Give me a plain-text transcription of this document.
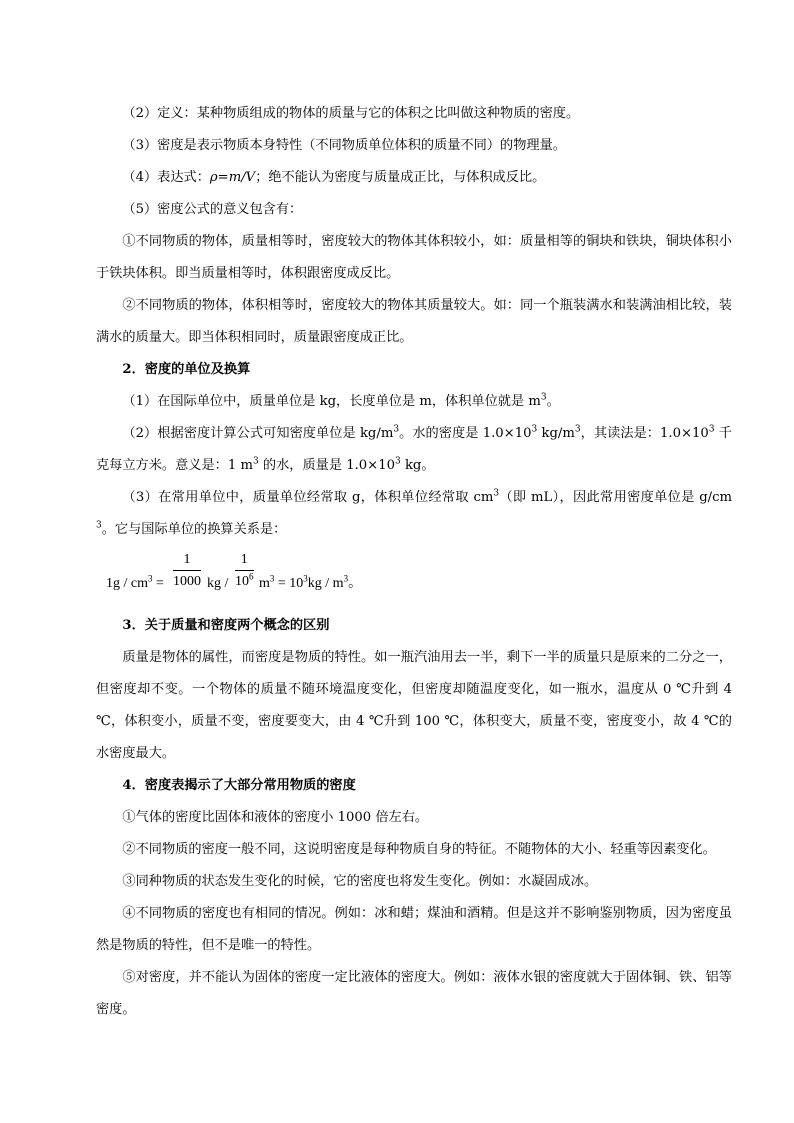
（2）定义：某种物质组成的物体的质量与它的体积之比叫做这种物质的密度。

（3）密度是表示物质本身特性（不同物质单位体积的质量不同）的物理量。

（4）表达式：ρ=m/V；绝不能认为密度与质量成正比，与体积成反比。

（5）密度公式的意义包含有：

①不同物质的物体，质量相等时，密度较大的物体其体积较小，如：质量相等的铜块和铁块，铜块体积小于铁块体积。即当质量相等时，体积跟密度成反比。

②不同物质的物体，体积相等时，密度较大的物体其质量较大。如：同一个瓶装满水和装满油相比较，装满水的质量大。即当体积相同时，质量跟密度成正比。

2．密度的单位及换算

（1）在国际单位中，质量单位是 kg，长度单位是 m，体积单位就是 $m^3$。

（2）根据密度计算公式可知密度单位是 $kg/m^3$。水的密度是 $1.0\times 10^3$ $kg/m^3$，其读法是：$1.0\times 10^3$ 千克每立方米。意义是：1 $m^3$ 的水，质量是 $1.0\times 10^3$ kg。

（3）在常用单位中，质量单位经常取 g，体积单位经常取 $cm^3$（即 mL），因此常用密度单位是 $g/cm^3$。它与国际单位的换算关系是：

$1g / cm^3 = \frac{1}{1000}$ kg / $\frac{1}{10^6} m^3 = 10^3kg / m^3$。

3．关于质量和密度两个概念的区别

质量是物体的属性，而密度是物质的特性。如一瓶汽油用去一半，剩下一半的质量只是原来的二分之一，但密度却不变。一个物体的质量不随环境温度变化，但密度却随温度变化，如一瓶水，温度从 0 ℃升到 4 ℃，体积变小，质量不变，密度要变大，由 4 ℃升到 100 ℃，体积变大，质量不变，密度变小，故 4 ℃的水密度最大。

4．密度表揭示了大部分常用物质的密度

①气体的密度比固体和液体的密度小 1000 倍左右。

②不同物质的密度一般不同，这说明密度是每种物质自身的特征。不随物体的大小、轻重等因素变化。

③同种物质的状态发生变化的时候，它的密度也将发生变化。例如：水凝固成冰。

④不同物质的密度也有相同的情况。例如：冰和蜡；煤油和酒精。但是这并不影响鉴别物质，因为密度虽然是物质的特性，但不是唯一的特性。

⑤对密度，并不能认为固体的密度一定比液体的密度大。例如：液体水银的密度就大于固体铜、铁、铝等密度。
